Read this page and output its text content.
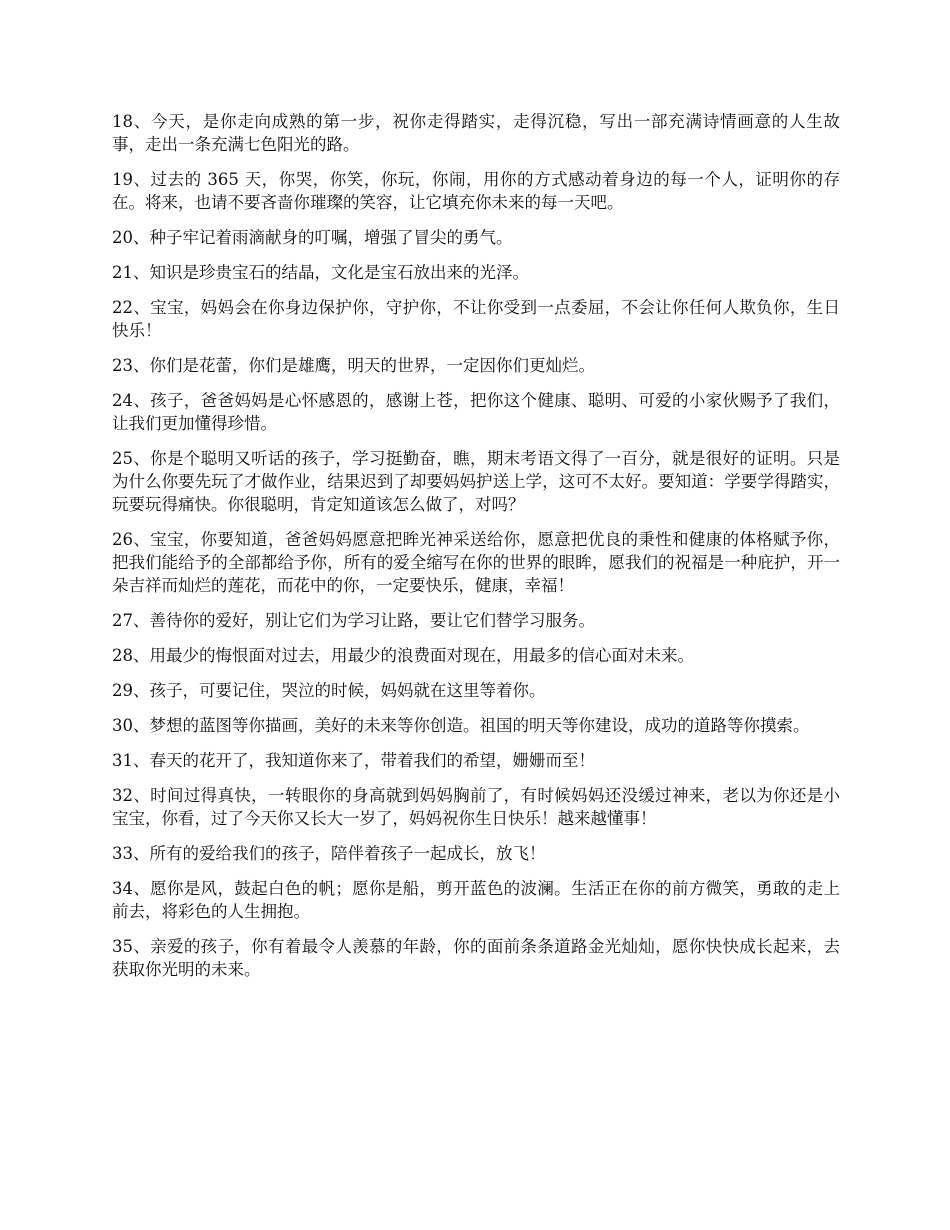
18、今天，是你走向成熟的第一步，祝你走得踏实，走得沉稳，写出一部充满诗情画意的人生故事，走出一条充满七色阳光的路。

19、过去的 365 天，你哭，你笑，你玩，你闹，用你的方式感动着身边的每一个人，证明你的存在。将来，也请不要吝啬你璀璨的笑容，让它填充你未来的每一天吧。

20、种子牢记着雨滴献身的叮嘱，增强了冒尖的勇气。

21、知识是珍贵宝石的结晶，文化是宝石放出来的光泽。

22、宝宝，妈妈会在你身边保护你，守护你，不让你受到一点委屈，不会让你任何人欺负你，生日快乐！

23、你们是花蕾，你们是雄鹰，明天的世界，一定因你们更灿烂。

24、孩子，爸爸妈妈是心怀感恩的，感谢上苍，把你这个健康、聪明、可爱的小家伙赐予了我们，让我们更加懂得珍惜。

25、你是个聪明又听话的孩子，学习挺勤奋，瞧，期末考语文得了一百分，就是很好的证明。只是为什么你要先玩了才做作业，结果迟到了却要妈妈护送上学，这可不太好。要知道：学要学得踏实，玩要玩得痛快。你很聪明，肯定知道该怎么做了，对吗？

26、宝宝，你要知道，爸爸妈妈愿意把眸光神采送给你，愿意把优良的秉性和健康的体格赋予你，把我们能给予的全部都给予你，所有的爱全缩写在你的世界的眼眸，愿我们的祝福是一种庇护，开一朵吉祥而灿烂的莲花，而花中的你，一定要快乐，健康，幸福！

27、善待你的爱好，别让它们为学习让路，要让它们替学习服务。

28、用最少的悔恨面对过去，用最少的浪费面对现在，用最多的信心面对未来。

29、孩子，可要记住，哭泣的时候，妈妈就在这里等着你。

30、梦想的蓝图等你描画，美好的未来等你创造。祖国的明天等你建设，成功的道路等你摸索。

31、春天的花开了，我知道你来了，带着我们的希望，姗姗而至！

32、时间过得真快，一转眼你的身高就到妈妈胸前了，有时候妈妈还没缓过神来，老以为你还是小宝宝，你看，过了今天你又长大一岁了，妈妈祝你生日快乐！越来越懂事！

33、所有的爱给我们的孩子，陪伴着孩子一起成长，放飞！

34、愿你是风，鼓起白色的帆；愿你是船，剪开蓝色的波澜。生活正在你的前方微笑，勇敢的走上前去，将彩色的人生拥抱。

35、亲爱的孩子，你有着最令人羡慕的年龄，你的面前条条道路金光灿灿，愿你快快成长起来，去获取你光明的未来。
